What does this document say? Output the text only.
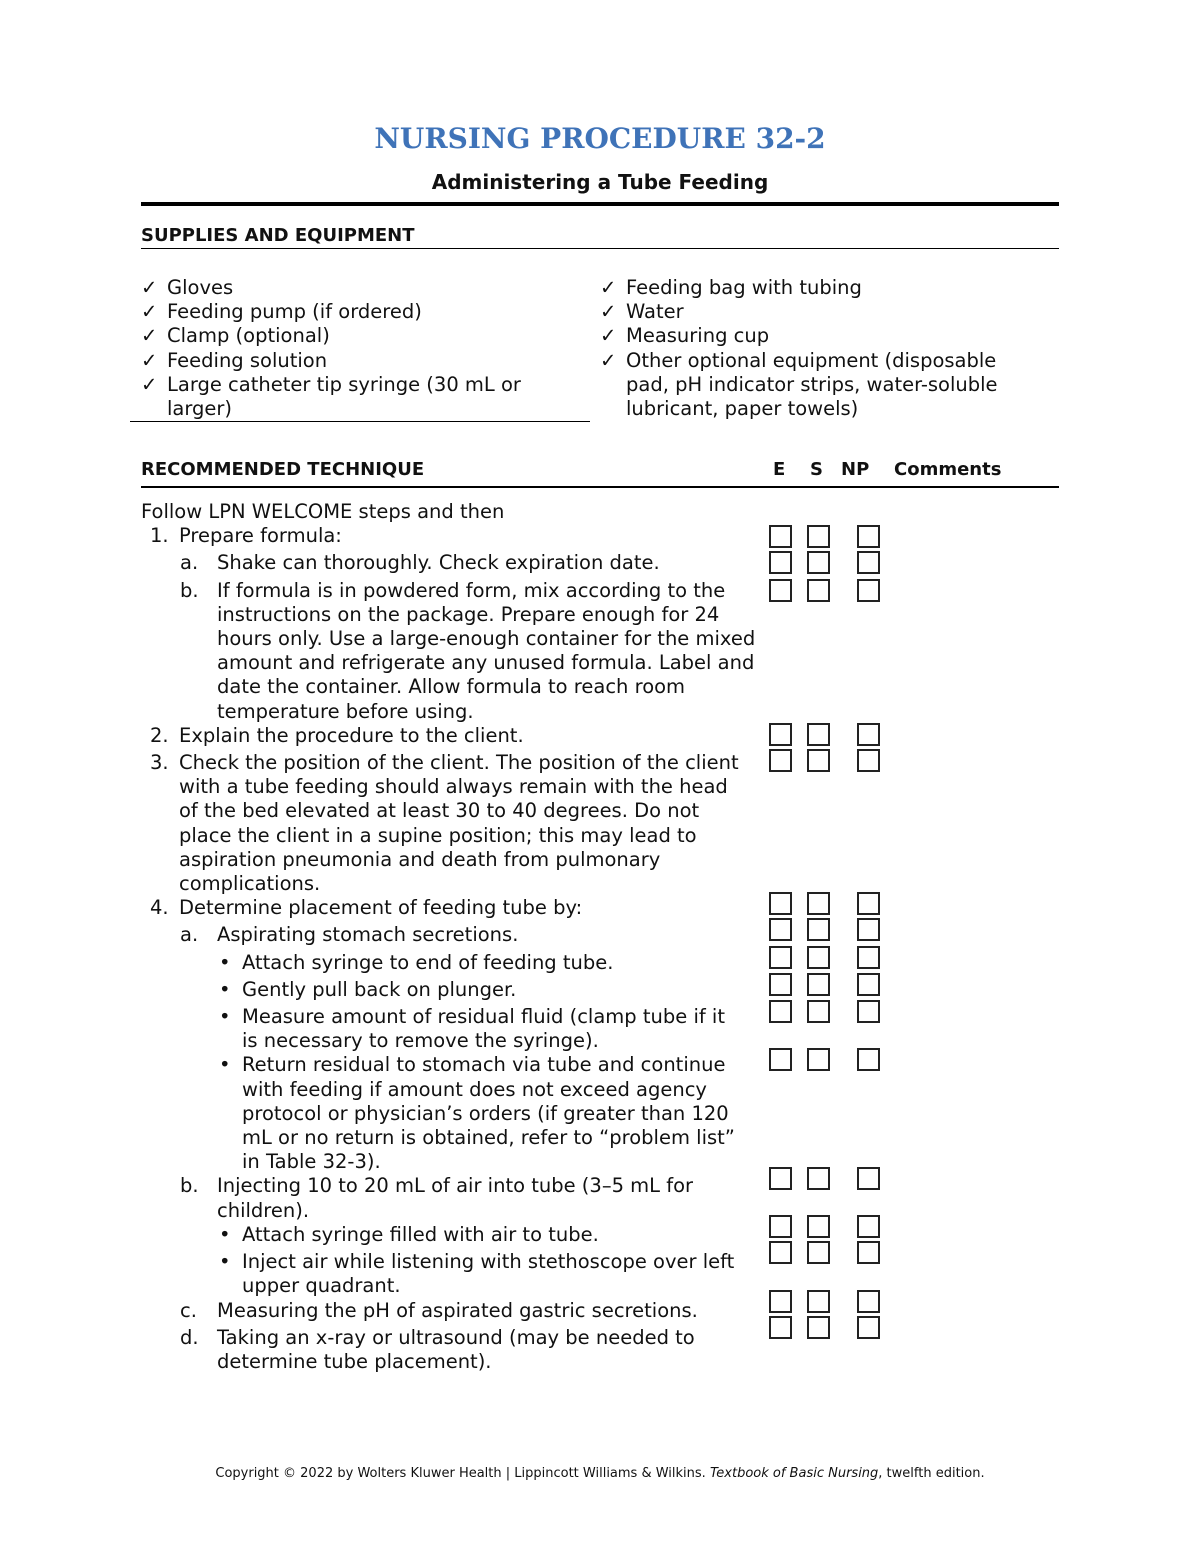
NURSING PROCEDURE 32-2
Administering a Tube Feeding
SUPPLIES AND EQUIPMENT
✓ Gloves
✓ Feeding pump (if ordered)
✓ Clamp (optional)
✓ Feeding solution
✓ Large catheter tip syringe (30 mL or larger)
✓ Feeding bag with tubing
✓ Water
✓ Measuring cup
✓ Other optional equipment (disposable pad, pH indicator strips, water-soluble lubricant, paper towels)
RECOMMENDED TECHNIQUE	E S NP Comments
Follow LPN WELCOME steps and then
1. Prepare formula:
a. Shake can thoroughly. Check expiration date.
b. If formula is in powdered form, mix according to the instructions on the package. Prepare enough for 24 hours only. Use a large-enough container for the mixed amount and refrigerate any unused formula. Label and date the container. Allow formula to reach room temperature before using.
2. Explain the procedure to the client.
3. Check the position of the client. The position of the client with a tube feeding should always remain with the head of the bed elevated at least 30 to 40 degrees. Do not place the client in a supine position; this may lead to aspiration pneumonia and death from pulmonary complications.
4. Determine placement of feeding tube by:
a. Aspirating stomach secretions.
• Attach syringe to end of feeding tube.
• Gently pull back on plunger.
• Measure amount of residual fluid (clamp tube if it is necessary to remove the syringe).
• Return residual to stomach via tube and continue with feeding if amount does not exceed agency protocol or physician’s orders (if greater than 120 mL or no return is obtained, refer to “problem list” in Table 32-3).
b. Injecting 10 to 20 mL of air into tube (3–5 mL for children).
• Attach syringe filled with air to tube.
• Inject air while listening with stethoscope over left upper quadrant.
c. Measuring the pH of aspirated gastric secretions.
d. Taking an x-ray or ultrasound (may be needed to determine tube placement).
Copyright © 2022 by Wolters Kluwer Health | Lippincott Williams & Wilkins. Textbook of Basic Nursing, twelfth edition.
